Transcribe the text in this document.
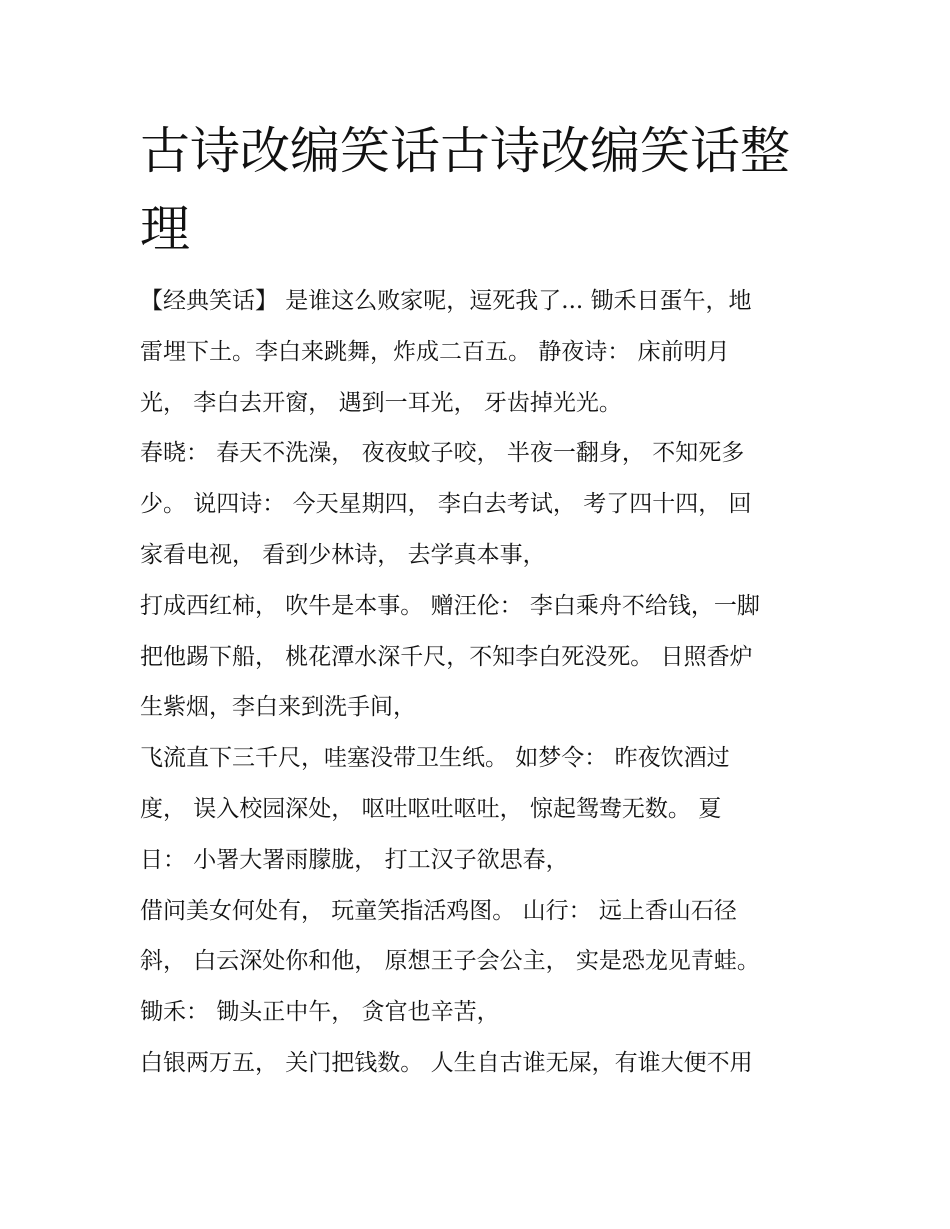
古诗改编笑话古诗改编笑话整
理

【经典笑话】 是谁这么败家呢，逗死我了... 锄禾日蛋午，地

雷埋下土。李白来跳舞，炸成二百五。 静夜诗： 床前明月

光， 李白去开窗， 遇到一耳光， 牙齿掉光光。

春晓： 春天不洗澡， 夜夜蚊子咬， 半夜一翻身， 不知死多

少。 说四诗： 今天星期四， 李白去考试， 考了四十四， 回

家看电视， 看到少林诗， 去学真本事，

打成西红柿， 吹牛是本事。 赠汪伦： 李白乘舟不给钱，一脚

把他踢下船， 桃花潭水深千尺，不知李白死没死。 日照香炉

生紫烟，李白来到洗手间，

飞流直下三千尺，哇塞没带卫生纸。 如梦令： 昨夜饮酒过

度， 误入校园深处， 呕吐呕吐呕吐， 惊起鸳鸯无数。 夏

日： 小署大署雨朦胧， 打工汉子欲思春，

借问美女何处有， 玩童笑指活鸡图。 山行： 远上香山石径

斜， 白云深处你和他， 原想王子会公主， 实是恐龙见青蛙。

锄禾： 锄头正中午， 贪官也辛苦，

白银两万五， 关门把钱数。 人生自古谁无屎，有谁大便不用
